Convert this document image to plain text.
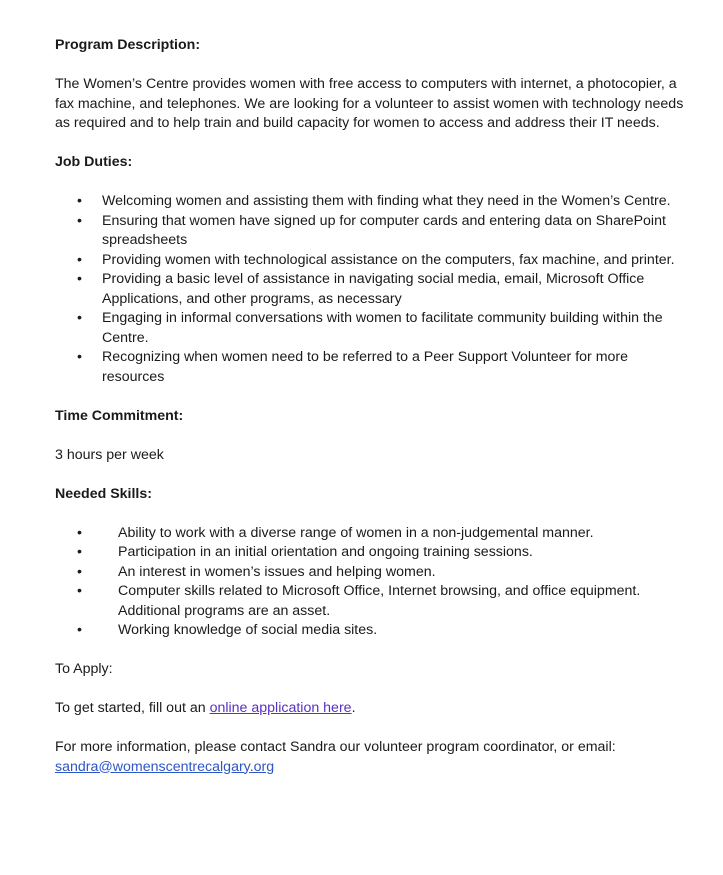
Program Description:

The Women’s Centre provides women with free access to computers with internet, a photocopier, a fax machine, and telephones. We are looking for a volunteer to assist women with technology needs as required and to help train and build capacity for women to access and address their IT needs.

Job Duties:

• Welcoming women and assisting them with finding what they need in the Women’s Centre.
• Ensuring that women have signed up for computer cards and entering data on SharePoint spreadsheets
• Providing women with technological assistance on the computers, fax machine, and printer.
• Providing a basic level of assistance in navigating social media, email, Microsoft Office Applications, and other programs, as necessary
• Engaging in informal conversations with women to facilitate community building within the Centre.
• Recognizing when women need to be referred to a Peer Support Volunteer for more resources

Time Commitment:

3 hours per week

Needed Skills:

•	Ability to work with a diverse range of women in a non-judgemental manner.
•	Participation in an initial orientation and ongoing training sessions.
•	An interest in women’s issues and helping women.
•	Computer skills related to Microsoft Office, Internet browsing, and office equipment. Additional programs are an asset.
•	Working knowledge of social media sites.

To Apply:

To get started, fill out an online application here.

For more information, please contact Sandra our volunteer program coordinator, or email:

sandra@womenscentrecalgary.org
